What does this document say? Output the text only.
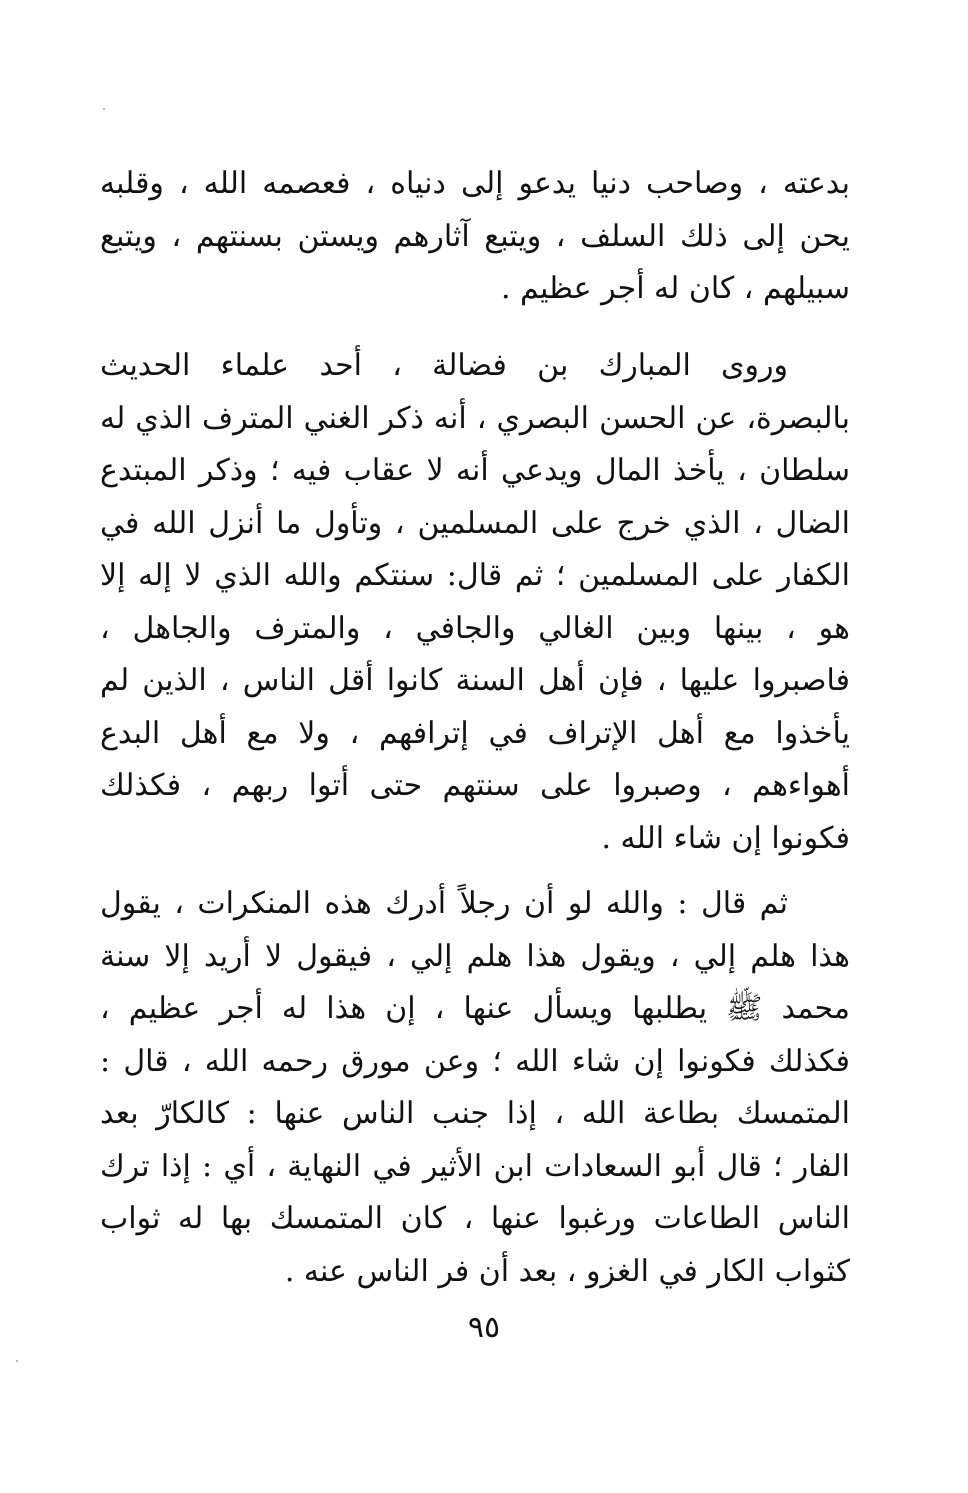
بدعته ، وصاحب دنيا يدعو إلى دنياه ، فعصمه الله ، وقلبه
يحن إلى ذلك السلف ، ويتبع آثارهم ويستن بسنتهم ، ويتبع
سبيلهم ، كان له أجر عظيم .
وروى المبارك بن فضالة ، أحد علماء الحديث
بالبصرة، عن الحسن البصري ، أنه ذكر الغني المترف الذي له
سلطان ، يأخذ المال ويدعي أنه لا عقاب فيه ؛ وذكر المبتدع
الضال ، الذي خرج على المسلمين ، وتأول ما أنزل الله في
الكفار على المسلمين ؛ ثم قال: سنتكم والله الذي لا إله إلا
هو ، بينها وبين الغالي والجافي ، والمترف والجاهل ،
فاصبروا عليها ، فإن أهل السنة كانوا أقل الناس ، الذين لم
يأخذوا مع أهل الإتراف في إترافهم ، ولا مع أهل البدع
أهواءهم ، وصبروا على سنتهم حتى أتوا ربهم ، فكذلك
فكونوا إن شاء الله .
ثم قال : والله لو أن رجلاً أدرك هذه المنكرات ، يقول
هذا هلم إلي ، ويقول هذا هلم إلي ، فيقول لا أريد إلا سنة
محمد ﷺ يطلبها ويسأل عنها ، إن هذا له أجر عظيم ،
فكذلك فكونوا إن شاء الله ؛ وعن مورق رحمه الله ، قال :
المتمسك بطاعة الله ، إذا جنب الناس عنها : كالكارّ بعد
الفار ؛ قال أبو السعادات ابن الأثير في النهاية ، أي : إذا ترك
الناس الطاعات ورغبوا عنها ، كان المتمسك بها له ثواب
كثواب الكار في الغزو ، بعد أن فر الناس عنه .
٩٥
